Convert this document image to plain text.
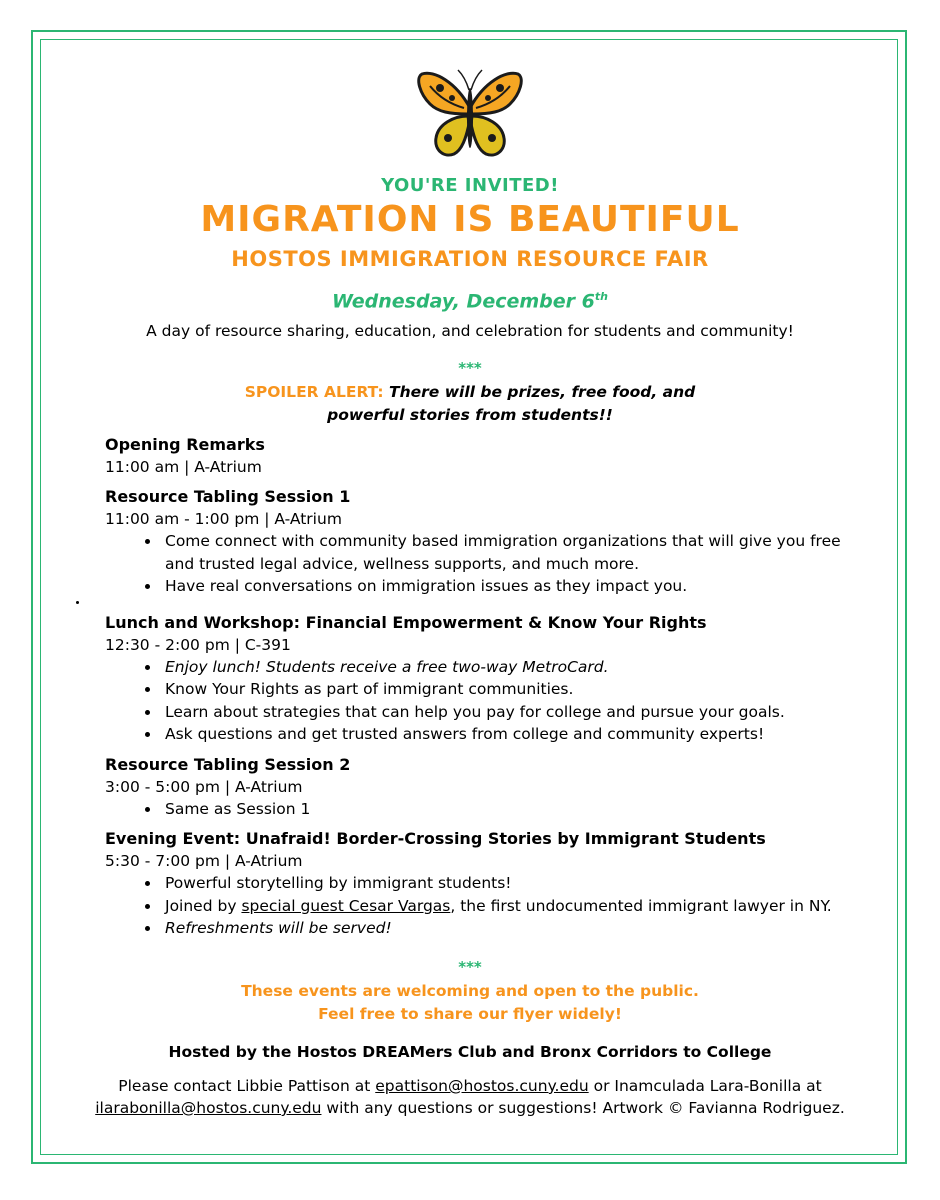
YOU'RE INVITED!
MIGRATION IS BEAUTIFUL
HOSTOS IMMIGRATION RESOURCE FAIR
Wednesday, December 6th
A day of resource sharing, education, and celebration for students and community!
***
SPOILER ALERT: There will be prizes, free food, and
powerful stories from students!!
Opening Remarks
11:00 am | A-Atrium
Resource Tabling Session 1
11:00 am - 1:00 pm | A-Atrium
• Come connect with community based immigration organizations that will give you free and trusted legal advice, wellness supports, and much more.
• Have real conversations on immigration issues as they impact you.
Lunch and Workshop: Financial Empowerment & Know Your Rights
12:30 - 2:00 pm | C-391
• Enjoy lunch! Students receive a free two-way MetroCard.
• Know Your Rights as part of immigrant communities.
• Learn about strategies that can help you pay for college and pursue your goals.
• Ask questions and get trusted answers from college and community experts!
Resource Tabling Session 2
3:00 - 5:00 pm | A-Atrium
• Same as Session 1
Evening Event: Unafraid! Border-Crossing Stories by Immigrant Students
5:30 - 7:00 pm | A-Atrium
• Powerful storytelling by immigrant students!
• Joined by special guest Cesar Vargas, the first undocumented immigrant lawyer in NY.
• Refreshments will be served!
***
These events are welcoming and open to the public.
Feel free to share our flyer widely!
Hosted by the Hostos DREAMers Club and Bronx Corridors to College
Please contact Libbie Pattison at epattison@hostos.cuny.edu or Inamculada Lara-Bonilla at
ilarabonilla@hostos.cuny.edu with any questions or suggestions! Artwork © Favianna Rodriguez.
